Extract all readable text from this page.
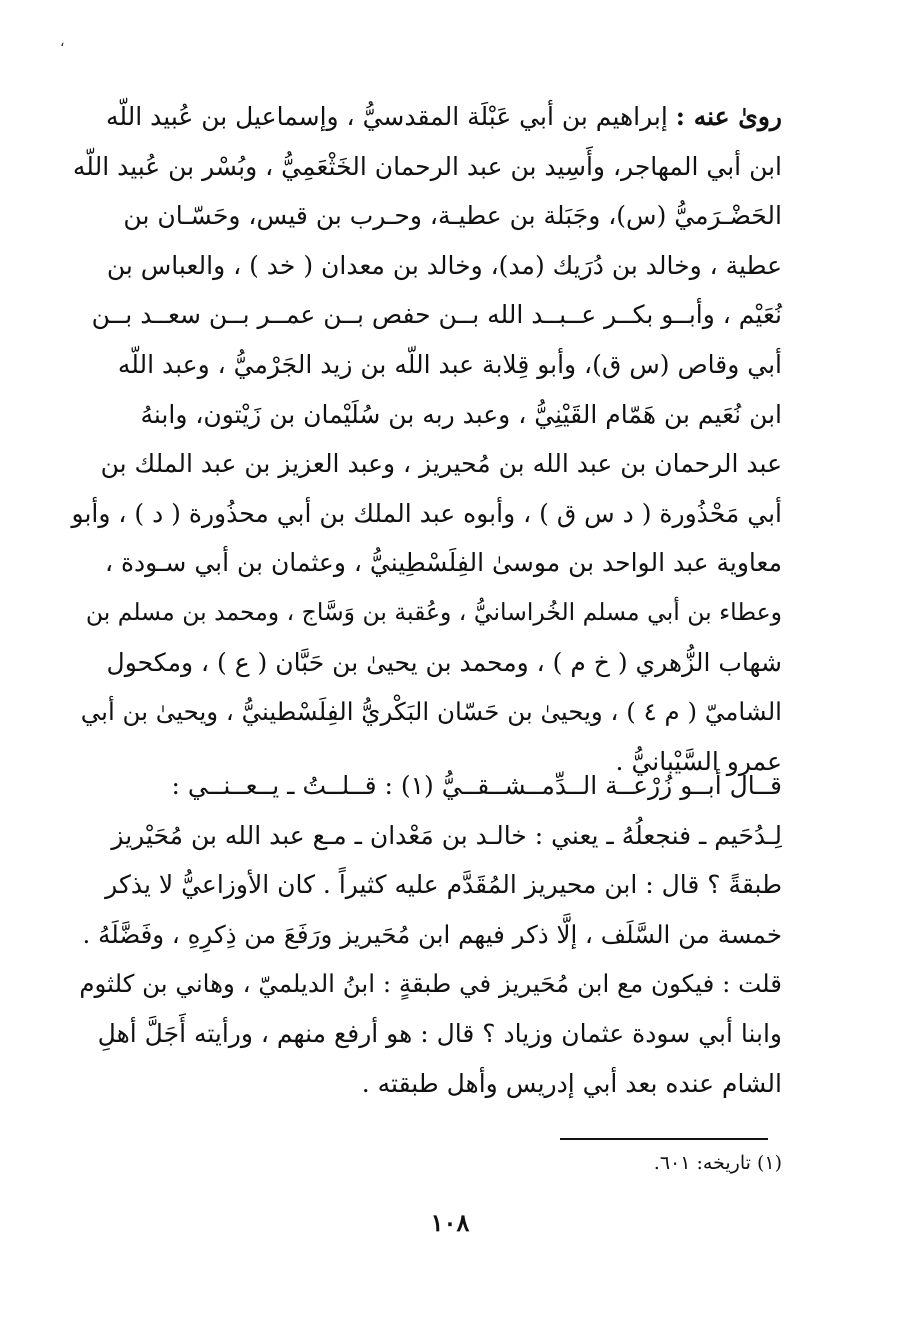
،
روىٰ عنه : إبراهيم بن أبي عَبْلَة المقدسيُّ ، وإسماعيل بن عُبيد اللّه
ابن أبي المهاجر، وأَسِيد بن عبد الرحمان الخَثْعَمِيُّ ، وبُسْر بن عُبيد اللّه
الحَضْـرَميُّ (س)، وجَبَلة بن عطيـة، وحـرب بن قيس، وحَسّـان بن
عطية ، وخالد بن دُرَيك (مد)، وخالد بن معدان ( خد ) ، والعباس بن
نُعَيْم ، وأبــو بكــر عــبــد الله بــن حفص بــن عمــر بــن سعــد بــن
أبي وقاص (س ق)، وأبو قِلابة عبد اللّه بن زيد الجَرْميُّ ، وعبد اللّه
ابن نُعَيم بن هَمّام القَيْنِيُّ ، وعبد ربه بن سُلَيْمان بن زَيْتون، وابنهُ
عبد الرحمان بن عبد الله بن مُحيريز ، وعبد العزيز بن عبد الملك بن
أبي مَحْذُورة ( د س ق ) ، وأبوه عبد الملك بن أبي محذُورة ( د ) ، وأبو
معاوية عبد الواحد بن موسىٰ الفِلَسْطِينيُّ ، وعثمان بن أبي سـودة ،
وعطاء بن أبي مسلم الخُراسانيُّ ، وعُقبة بن وَسَّاج ، ومحمد بن مسلم بن
شهاب الزُّهري ( خ م ) ، ومحمد بن يحيىٰ بن حَبَّان ( ع ) ، ومكحول
الشاميّ ( م ٤ ) ، ويحيىٰ بن حَسّان البَكْريُّ الفِلَسْطينيُّ ، ويحيىٰ بن أبي
عمرو السَّيْبانيُّ .
قــال أبــو زُرْعــة الــدِّمــشــقــيُّ (١) : قــلــتُ ـ يــعــنــي :
لِـدُحَيم ـ فنجعلُهُ ـ يعني : خالـد بن مَعْدان ـ مـع عبد الله بن مُحَيْريز
طبقةً ؟ قال : ابن محيريز المُقَدَّم عليه كثيراً . كان الأوزاعيُّ لا يذكر
خمسة من السَّلَف ، إلَّا ذكر فيهم ابن مُحَيريز ورَفَعَ من ذِكرِهِ ، وفَضَّلَهُ .
قلت : فيكون مع ابن مُحَيريز في طبقةٍ : ابنُ الديلميّ ، وهاني بن كلثوم
وابنا أبي سودة عثمان وزياد ؟ قال : هو أرفع منهم ، ورأيته أَجَلَّ أهلِ
الشام عنده بعد أبي إدريس وأهل طبقته .
(١) تاريخه: ٦٠١.
١٠٨
